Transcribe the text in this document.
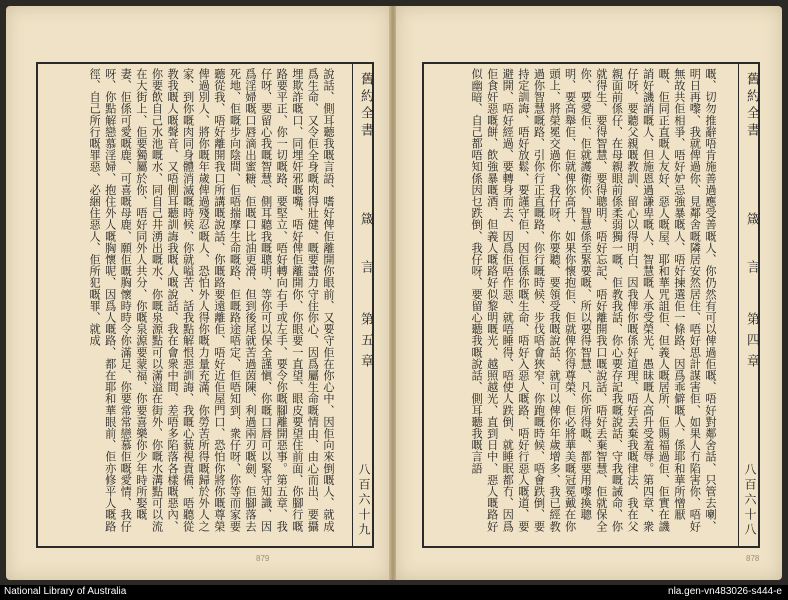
說話、側耳聽我嘅言語、嗜好俾佢離開你眼前、又要守佢在你心中、因佢向來倒嘅人、就成爲生命、又令佢全身嘅肉得壯健、嘅要盡力守住你心、因爲屬生命嘅情由、由心而出、要攝埋欺詐嘅口、同埋奸邪嘅嘴、唔好俾佢離開你、你眼要一直望、眼皮要望住前面、你腳行嘅路要平正、你一切嘅路、要堅立、唔好轉向右手或左手、要令你嘅腳離開惡事。第五章、我仔呀、要留心我嘅智慧、側耳聽我嘅聰明、等你可以保全謹愼、你嘅口唇可以緊守知識、因爲淫婦嘅口唇滴出蜜糖、佢嘅口比油更滑、但到後尾就苦過茵陳、利過兩刃嘅劍、佢腳落去死地、佢嘅步向陰間、佢唔揣摩生命嘅路、佢嘅路途唔定、佢唔知到、衆仔呀、你等而家要聽從我、唔好離開我口所講嘅說話、你嘅路要遠離佢、唔好近佢屋門口、恐怕你將你嘅尊榮俾過別人、將你嘅年歲俾過殘忍嘅人、恐怕外人得你嘅力量充滿、你勞苦所得嘅歸於外人之家、到你嘅肉同身體消滅嘅時候、你就嗌苦、話我點解恨惡訓誨、我嘅心藐視責備、唔聽從教我嘅人嘅聲音、又唔側耳聽訓誨我嘅人嘅說話、我在會衆中間、差唔多陷落各樣嘅惡內、你要飲自己水池嘅水、同自己井湧出嘅水、你嘅泉源點可以滿溢在街外、你嘅水溝點可以流在大街上、佢要獨屬於你、唔好同外人共分、你嘅泉源要蒙福、你要喜樂你少年時所娶嘅妻、佢係可愛嘅鹿、可喜嘅母鹿、願佢嘅胸懷時時令你滿足、你要常常戀慕佢嘅愛情、我仔呀、你點解戀慕淫婦、抱住外人嘅胸懷呢、因爲人嘅路、都在耶和華眼前、佢亦修平人嘅路徑、自己所行嘅罪惡、必綑住惡人、佢所犯嘅罪、就成	舊約全書
箴 言
第五章
八百六十九
879
嘅、切勿推辭唔肯施善過應受善嘅人、你仍然有可以俾過佢嘅、唔好對鄰舍話、只管去喇、明日再嚟、我就俾過你、見鄰舍嘅隣居安然居住、唔好思計謀害佢、如果人冇陷害你、唔好無故共佢相爭、唔好妒忌強暴嘅人、唔好揀選佢一條路、因爲乖僻嘅人、係耶和華所憎厭嘅、佢同正直嘅人友好、惡人嘅屋、耶和華咒詛佢、但義人嘅居所、佢賜福過佢、佢實在譏誚好譏誚嘅人、但施恩過謙卑嘅人、智慧嘅人承受榮光、愚昧嘅人高升受羞辱。第四章、衆仔呀、要聽父親嘅教訓、留心以得明白、因我俾你嘅係好道理、唔好丢棄我嘅律法、我在父親面前係仔、在母親眼前係柔弱獨一嘅、佢教我話、你心要存記我嘅說話、守我嘅誡命、你就得生、要得智慧、要得聰明、唔好忘記、唔好離開我口嘅說話、唔好丢棄智慧、佢就保全你、要愛佢、佢就護衛你、智慧係至緊要嘅、所以要得智慧、凡你所得嘅、都要用嚟換聰明、要高舉佢、佢就俾你高升、如果你懷抱佢、佢就俾你得尊榮、佢必將華美嘅冠冕戴在你頭上、將榮冕交過你、我仔呀、你要聽、要領受我嘅說話、就可以俾你年歲增多、我已經教過你智慧嘅路、引你行正直嘅路、你行嘅時候、步伐唔會狹窄、你跑嘅時候、唔會跌倒、要持定訓誨、唔好放鬆、要謹守佢、因佢係你嘅生命、唔好入惡人嘅路、唔好行惡人嘅道、要避開、唔好經過、要轉身而去、因爲佢唔作惡、就唔睡得、唔使人跌倒、就睡眠都冇、因爲佢食奸惡嘅餅、飲強暴嘅酒、但義人嘅路好似黎明嘅光、越照越光、直到日中、惡人嘅路好似幽暗、自己都唔知係因乜跌倒、我仔呀、要留心聽我嘅說話、側耳聽我嘅言語	舊約全書
箴 言
第四章
八百六十八
878
National Library of Australia	nla.gen-vn483026-s444-e
